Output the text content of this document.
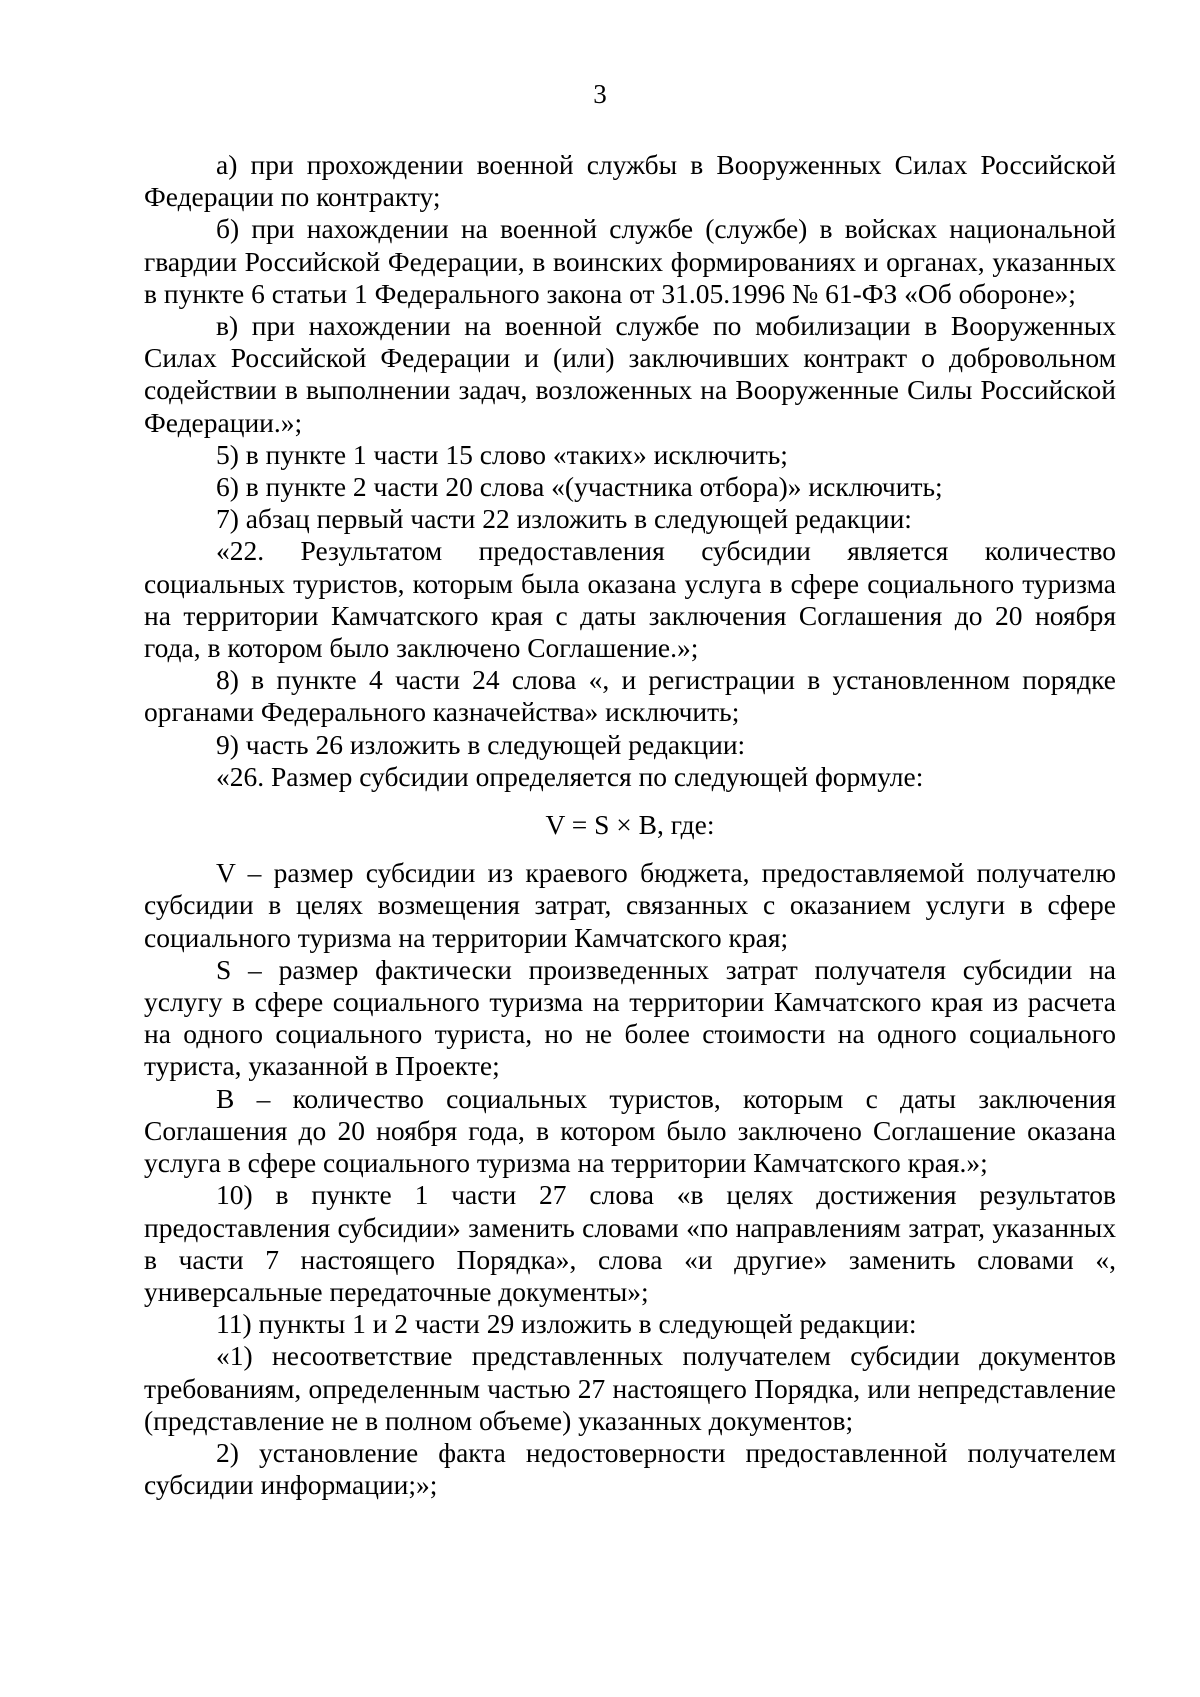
3

а) при прохождении военной службы в Вооруженных Силах Российской Федерации по контракту;

б) при нахождении на военной службе (службе) в войсках национальной гвардии Российской Федерации, в воинских формированиях и органах, указанных в пункте 6 статьи 1 Федерального закона от 31.05.1996 № 61-ФЗ «Об обороне»;

в) при нахождении на военной службе по мобилизации в Вооруженных Силах Российской Федерации и (или) заключивших контракт о добровольном содействии в выполнении задач, возложенных на Вооруженные Силы Российской Федерации.»;

5) в пункте 1 части 15 слово «таких» исключить;

6) в пункте 2 части 20 слова «(участника отбора)» исключить;

7) абзац первый части 22 изложить в следующей редакции:

«22. Результатом предоставления субсидии является количество социальных туристов, которым была оказана услуга в сфере социального туризма на территории Камчатского края с даты заключения Соглашения до 20 ноября года, в котором было заключено Соглашение.»;

8) в пункте 4 части 24 слова «, и регистрации в установленном порядке органами Федерального казначейства» исключить;

9) часть 26 изложить в следующей редакции:

«26. Размер субсидии определяется по следующей формуле:

V = S × B, где:

V – размер субсидии из краевого бюджета, предоставляемой получателю субсидии в целях возмещения затрат, связанных с оказанием услуги в сфере социального туризма на территории Камчатского края;

S – размер фактически произведенных затрат получателя субсидии на услугу в сфере социального туризма на территории Камчатского края из расчета на одного социального туриста, но не более стоимости на одного социального туриста, указанной в Проекте;

B – количество социальных туристов, которым с даты заключения Соглашения до 20 ноября года, в котором было заключено Соглашение оказана услуга в сфере социального туризма на территории Камчатского края.»;

10) в пункте 1 части 27 слова «в целях достижения результатов предоставления субсидии» заменить словами «по направлениям затрат, указанных в части 7 настоящего Порядка», слова «и другие» заменить словами «, универсальные передаточные документы»;

11) пункты 1 и 2 части 29 изложить в следующей редакции:

«1) несоответствие представленных получателем субсидии документов требованиям, определенным частью 27 настоящего Порядка, или непредставление (представление не в полном объеме) указанных документов;

2) установление факта недостоверности предоставленной получателем субсидии информации;»;
